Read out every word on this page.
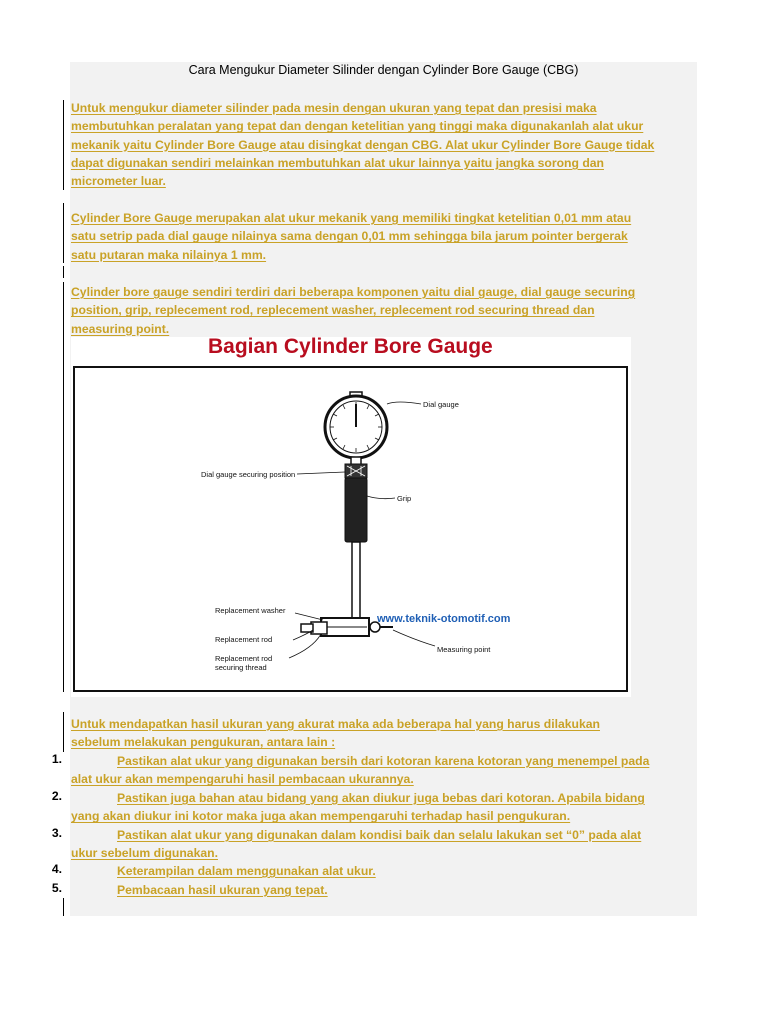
Cara Mengukur Diameter Silinder dengan Cylinder Bore Gauge (CBG)

Untuk mengukur diameter silinder pada mesin dengan ukuran yang tepat dan presisi maka
membutuhkan peralatan yang tepat dan dengan ketelitian yang tinggi maka digunakanlah alat ukur
mekanik yaitu Cylinder Bore Gauge atau disingkat dengan CBG. Alat ukur Cylinder Bore Gauge tidak
dapat digunakan sendiri melainkan membutuhkan alat ukur lainnya yaitu jangka sorong dan
micrometer luar.

Cylinder Bore Gauge merupakan alat ukur mekanik yang memiliki tingkat ketelitian 0,01 mm atau
satu setrip pada dial gauge nilainya sama dengan 0,01 mm sehingga bila jarum pointer bergerak
satu putaran maka nilainya 1 mm.

Cylinder bore gauge sendiri terdiri dari beberapa komponen yaitu dial gauge, dial gauge securing
position, grip, replecement rod, replecement washer, replecement rod securing thread dan
measuring point.

Bagian Cylinder Bore Gauge
Dial gauge
Dial gauge securing position
Grip
Replacement washer
Replacement rod
Replacement rod
securing thread
Measuring point
www.teknik-otomotif.com

Untuk mendapatkan hasil ukuran yang akurat maka ada beberapa hal yang harus dilakukan
sebelum melakukan pengukuran, antara lain :

1.	Pastikan alat ukur yang digunakan bersih dari kotoran karena kotoran yang menempel pada
alat ukur akan mempengaruhi hasil pembacaan ukurannya.

2.	Pastikan juga bahan atau bidang yang akan diukur juga bebas dari kotoran. Apabila bidang
yang akan diukur ini kotor maka juga akan mempengaruhi terhadap hasil pengukuran.

3.	Pastikan alat ukur yang digunakan dalam kondisi baik dan selalu lakukan set “0” pada alat
ukur sebelum digunakan.

4.	Keterampilan dalam menggunakan alat ukur.

5.	Pembacaan hasil ukuran yang tepat.
